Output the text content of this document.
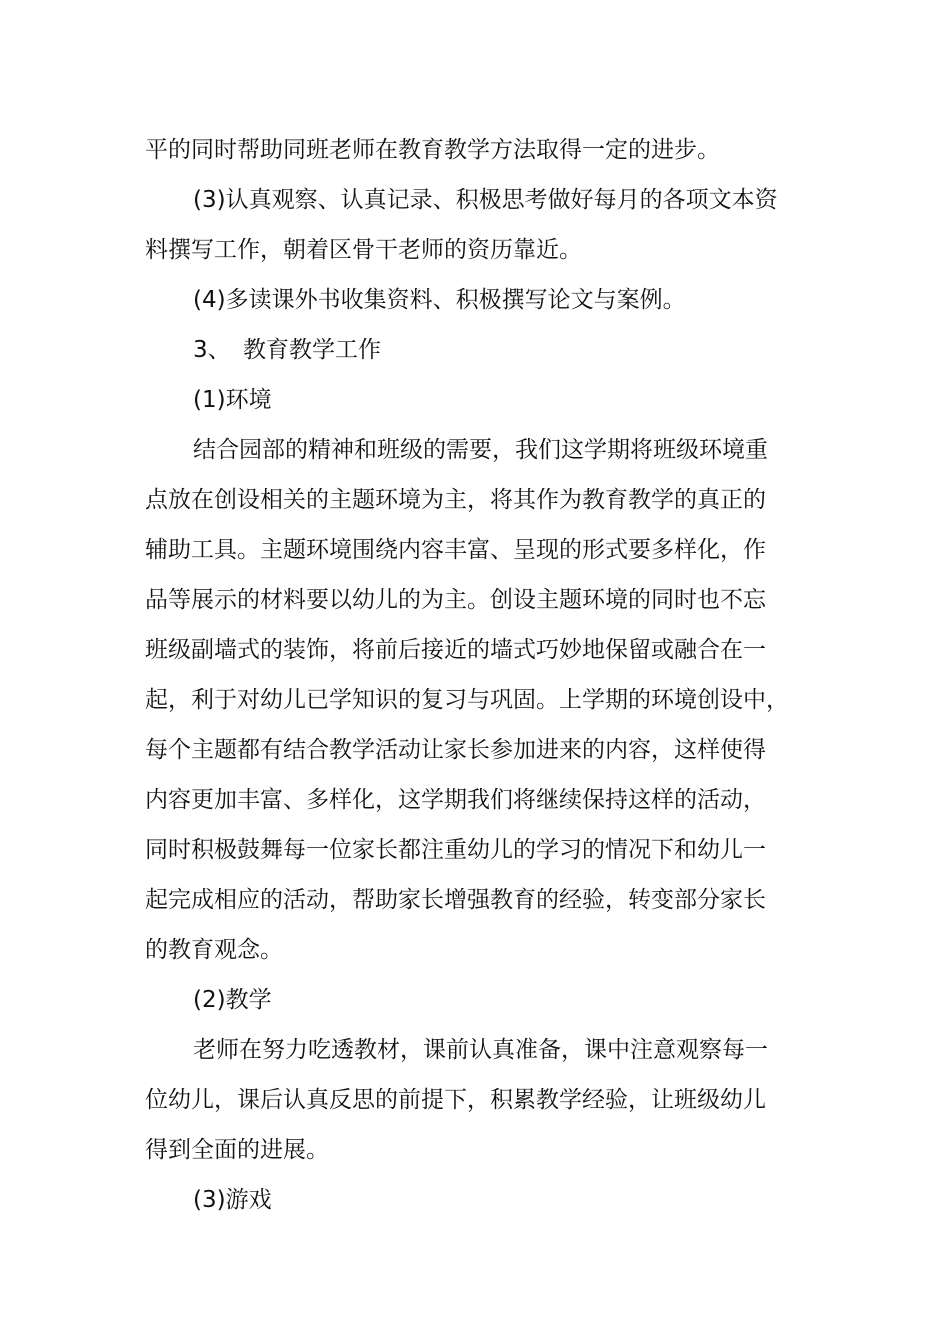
平的同时帮助同班老师在教育教学方法取得一定的进步。
(3)认真观察、认真记录、积极思考做好每月的各项文本资
料撰写工作，朝着区骨干老师的资历靠近。
(4)多读课外书收集资料、积极撰写论文与案例。
3、 教育教学工作
(1)环境
结合园部的精神和班级的需要，我们这学期将班级环境重
点放在创设相关的主题环境为主，将其作为教育教学的真正的
辅助工具。主题环境围绕内容丰富、呈现的形式要多样化，作
品等展示的材料要以幼儿的为主。创设主题环境的同时也不忘
班级副墙式的装饰，将前后接近的墙式巧妙地保留或融合在一
起，利于对幼儿已学知识的复习与巩固。上学期的环境创设中，
每个主题都有结合教学活动让家长参加进来的内容，这样使得
内容更加丰富、多样化，这学期我们将继续保持这样的活动，
同时积极鼓舞每一位家长都注重幼儿的学习的情况下和幼儿一
起完成相应的活动，帮助家长增强教育的经验，转变部分家长
的教育观念。
(2)教学
老师在努力吃透教材，课前认真准备，课中注意观察每一
位幼儿，课后认真反思的前提下，积累教学经验，让班级幼儿
得到全面的进展。
(3)游戏
